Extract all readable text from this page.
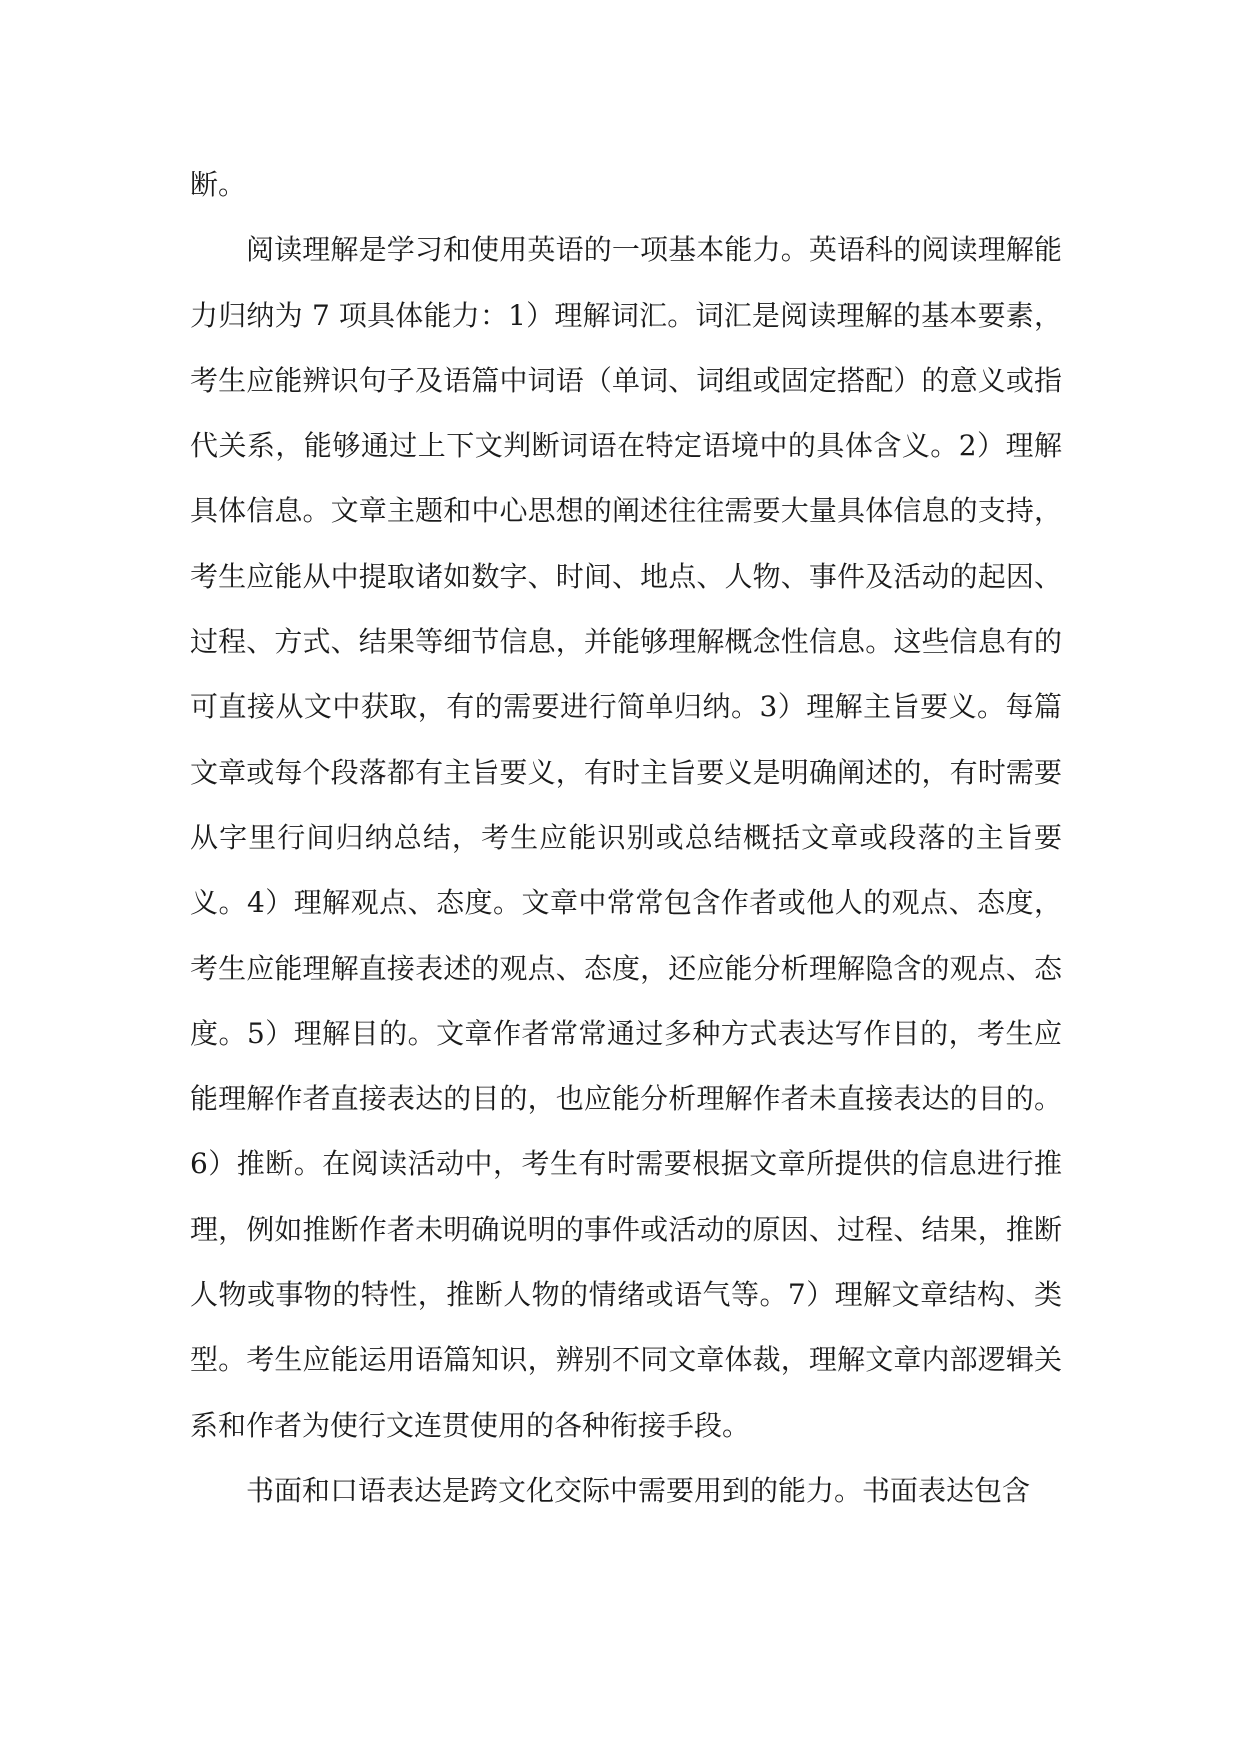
断。

阅读理解是学习和使用英语的一项基本能力。英语科的阅读理解能力归纳为 7 项具体能力：1）理解词汇。词汇是阅读理解的基本要素，考生应能辨识句子及语篇中词语（单词、词组或固定搭配）的意义或指代关系，能够通过上下文判断词语在特定语境中的具体含义。2）理解具体信息。文章主题和中心思想的阐述往往需要大量具体信息的支持，考生应能从中提取诸如数字、时间、地点、人物、事件及活动的起因、过程、方式、结果等细节信息，并能够理解概念性信息。这些信息有的可直接从文中获取，有的需要进行简单归纳。3）理解主旨要义。每篇文章或每个段落都有主旨要义，有时主旨要义是明确阐述的，有时需要从字里行间归纳总结，考生应能识别或总结概括文章或段落的主旨要义。4）理解观点、态度。文章中常常包含作者或他人的观点、态度，考生应能理解直接表述的观点、态度，还应能分析理解隐含的观点、态度。5）理解目的。文章作者常常通过多种方式表达写作目的，考生应能理解作者直接表达的目的，也应能分析理解作者未直接表达的目的。6）推断。在阅读活动中，考生有时需要根据文章所提供的信息进行推理，例如推断作者未明确说明的事件或活动的原因、过程、结果，推断人物或事物的特性，推断人物的情绪或语气等。7）理解文章结构、类型。考生应能运用语篇知识，辨别不同文章体裁，理解文章内部逻辑关系和作者为使行文连贯使用的各种衔接手段。

书面和口语表达是跨文化交际中需要用到的能力。书面表达包含
